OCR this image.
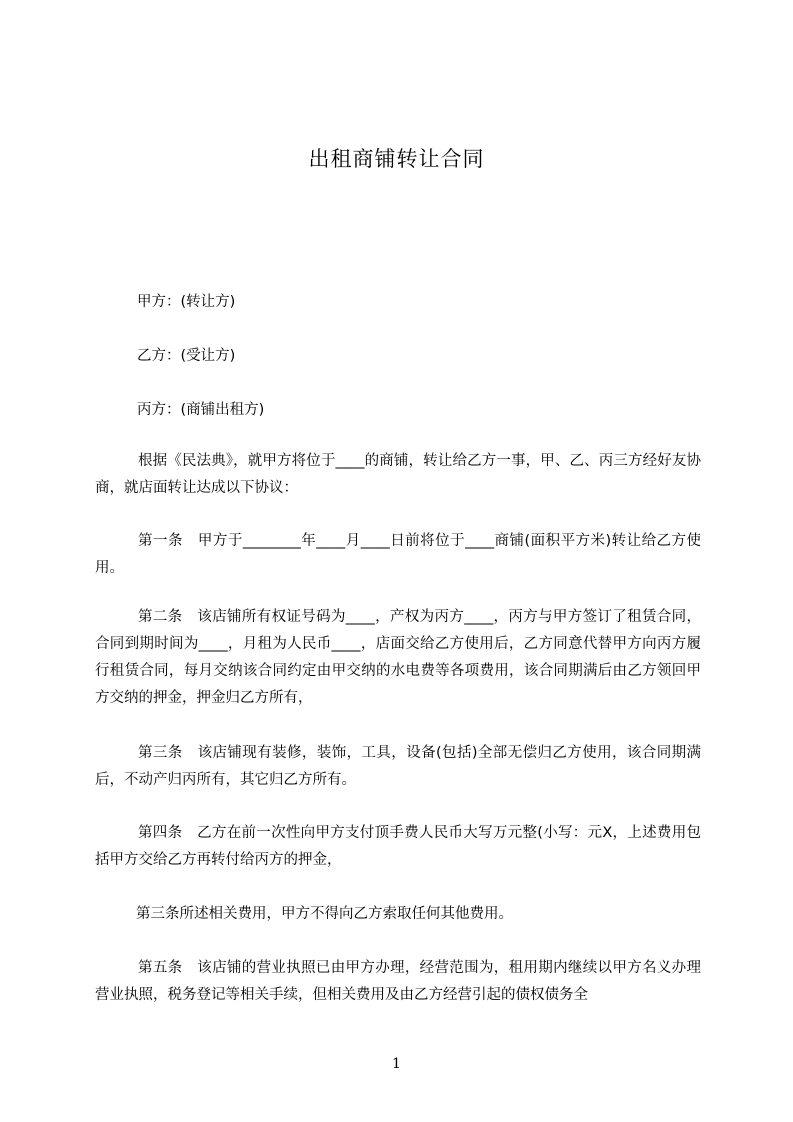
出租商铺转让合同
甲方：(转让方)
乙方：(受让方)
丙方：(商铺出租方)
根据《民法典》，就甲方将位于____的商铺，转让给乙方一事，甲、乙、丙三方经好友协商，就店面转让达成以下协议：
第一条　甲方于________年____月____日前将位于____商铺(面积平方米)转让给乙方使用。
第二条　该店铺所有权证号码为____，产权为丙方____，丙方与甲方签订了租赁合同，合同到期时间为____，月租为人民币____，店面交给乙方使用后，乙方同意代替甲方向丙方履行租赁合同，每月交纳该合同约定由甲交纳的水电费等各项费用，该合同期满后由乙方领回甲方交纳的押金，押金归乙方所有，
第三条　该店铺现有装修，装饰，工具，设备(包括)全部无偿归乙方使用，该合同期满后，不动产归丙所有，其它归乙方所有。
第四条　乙方在前一次性向甲方支付顶手费人民币大写万元整(小写：元X，上述费用包括甲方交给乙方再转付给丙方的押金，
第三条所述相关费用，甲方不得向乙方索取任何其他费用。
第五条　该店铺的营业执照已由甲方办理，经营范围为，租用期内继续以甲方名义办理营业执照，税务登记等相关手续，但相关费用及由乙方经营引起的债权债务全
1
